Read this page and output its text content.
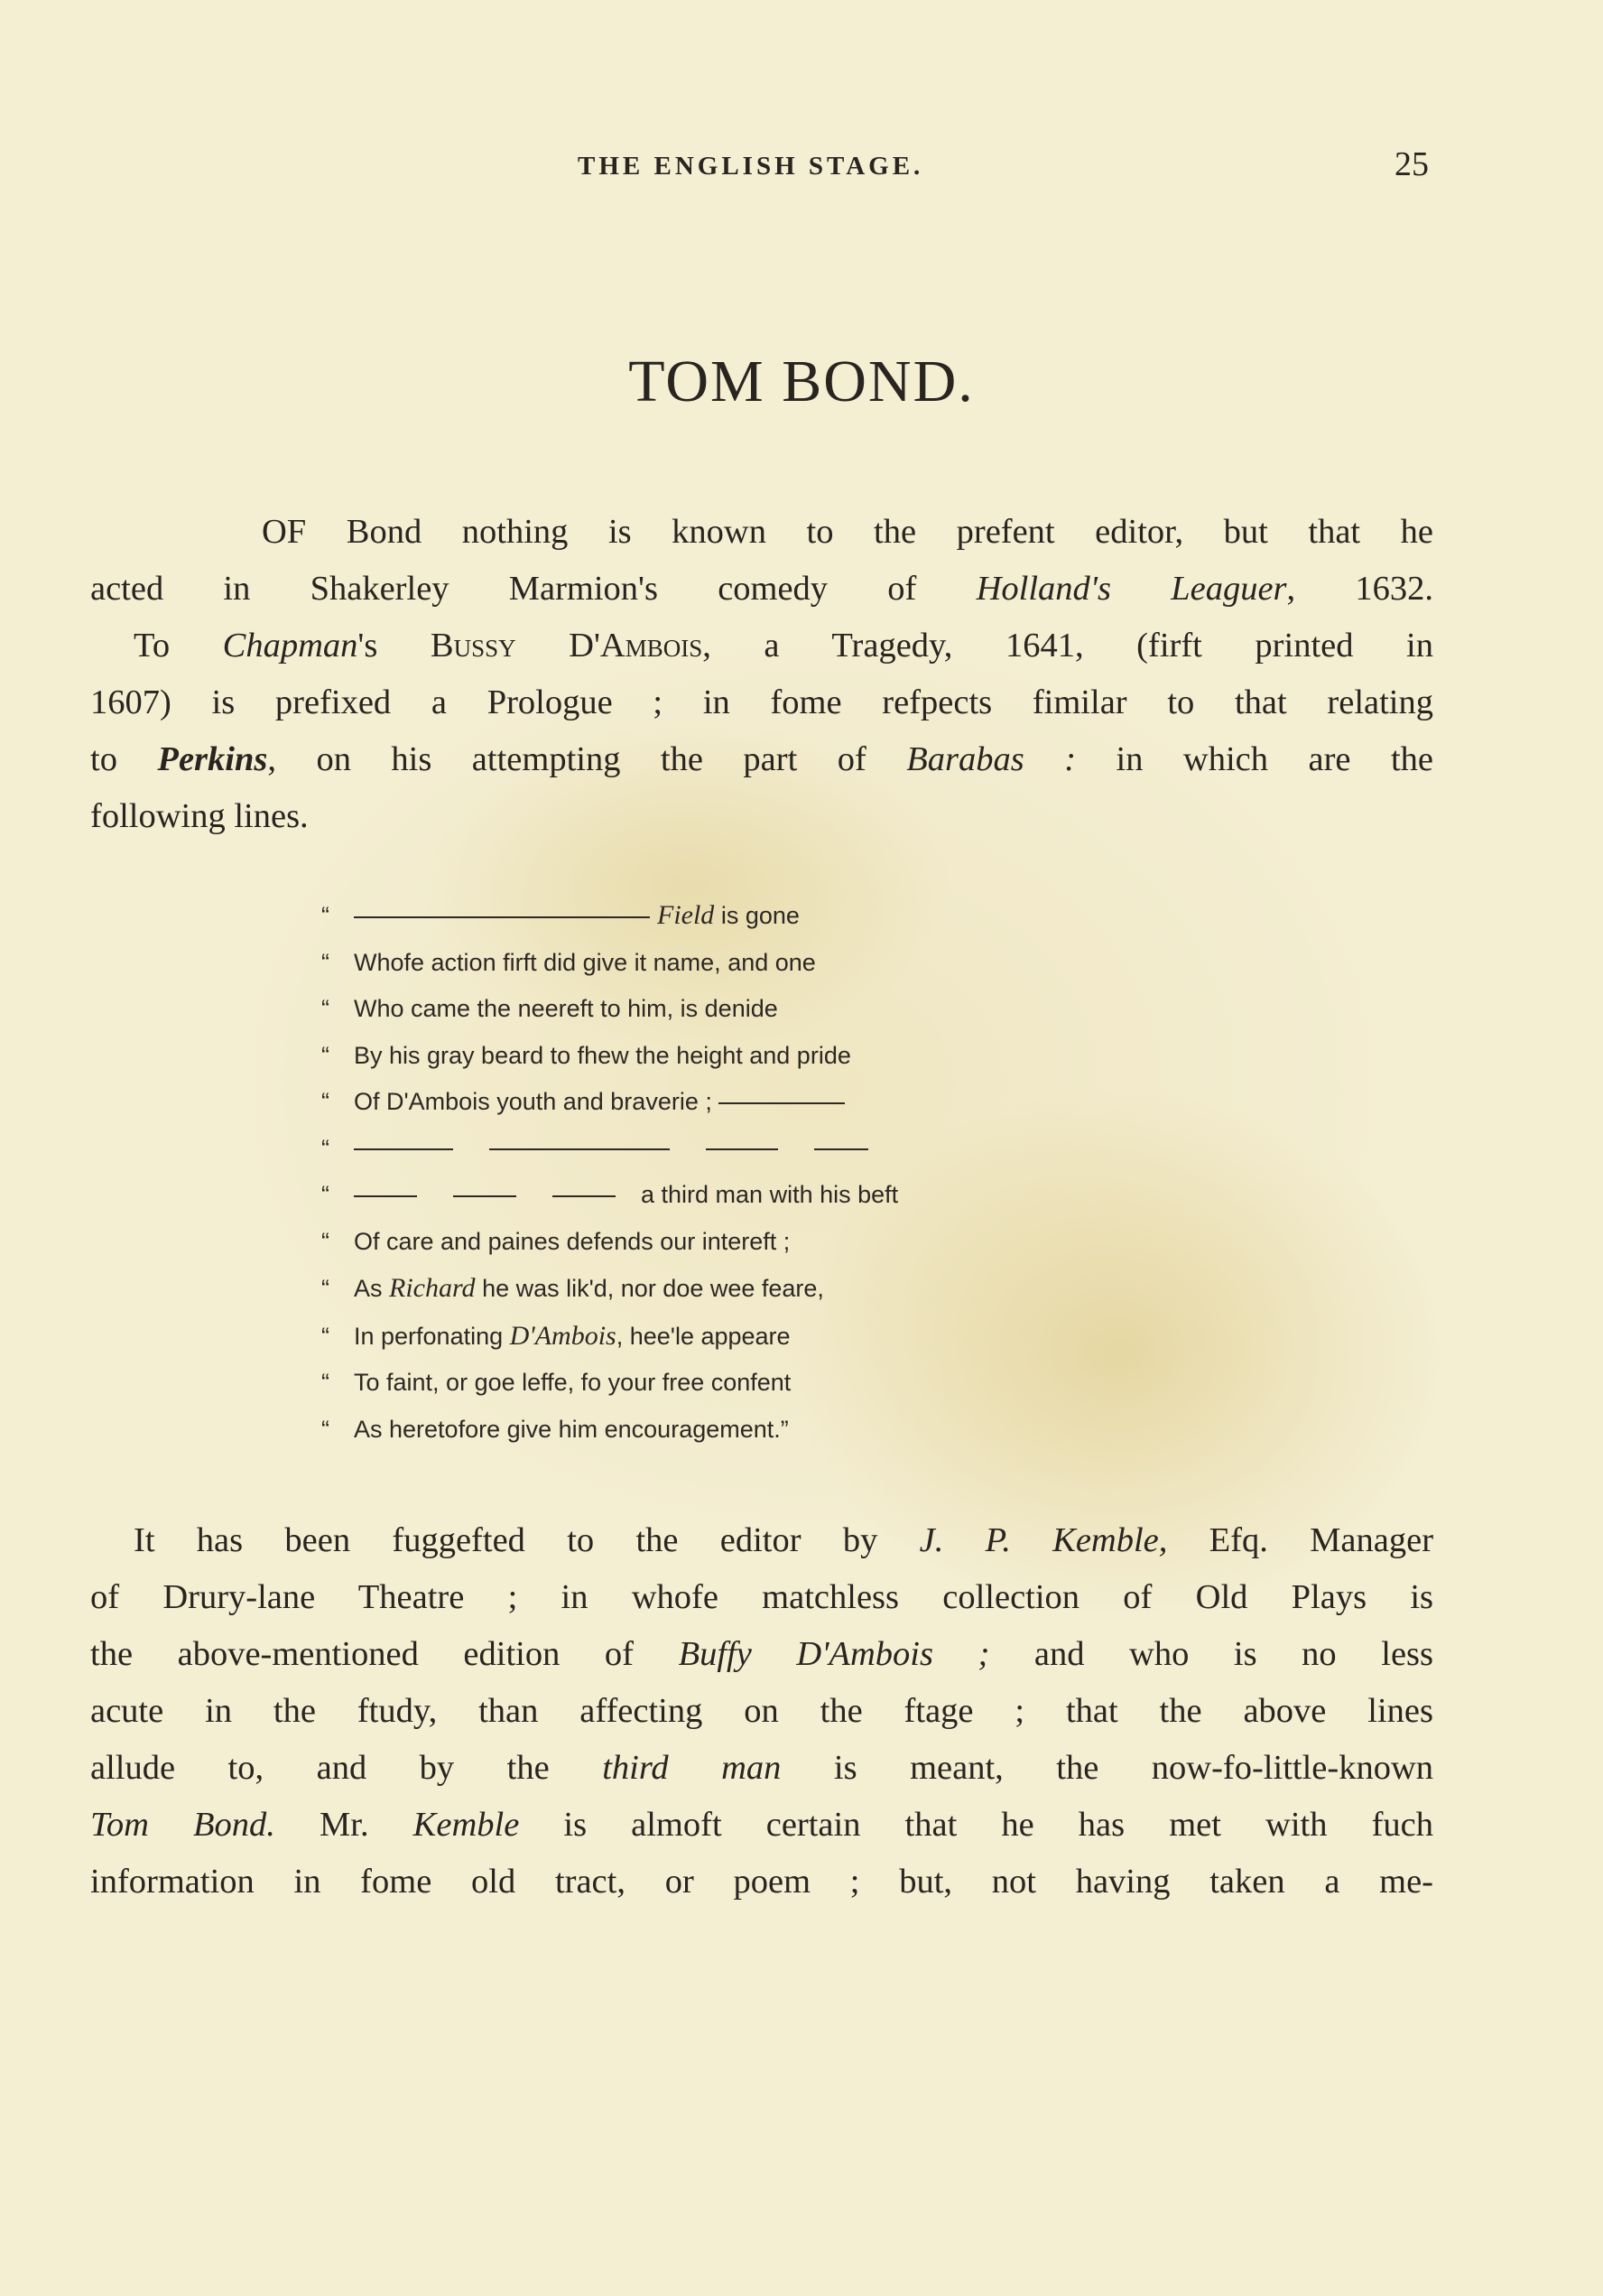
THE ENGLISH STAGE.	25
TOM BOND.
OF Bond nothing is known to the prefent editor, but that he
acted in Shakerley Marmion's comedy of Holland's Leaguer, 1632.
To Chapman's Bussy D'Ambois, a Tragedy, 1641, (firft printed in
1607) is prefixed a Prologue ; in fome refpects fimilar to that relating
to Perkins, on his attempting the part of Barabas : in which are the
following lines.
“	Field is gone
“ Whofe action firft did give it name, and one
“ Who came the neereft to him, is denide
“ By his gray beard to fhew the height and pride
“ Of D'Ambois youth and braverie ;
“
“	a third man with his beft
“ Of care and paines defends our intereft ;
“ As Richard he was lik'd, nor doe wee feare,
“ In perfonating D'Ambois, hee'le appeare
“ To faint, or goe leffe, fo your free confent
“ As heretofore give him encouragement.”
It has been fuggefted to the editor by J. P. Kemble, Efq. Manager
of Drury-lane Theatre ; in whofe matchless collection of Old Plays is
the above-mentioned edition of Buffy D'Ambois ; and who is no less
acute in the ftudy, than affecting on the ftage ; that the above lines
allude to, and by the third man is meant, the now-fo-little-known
Tom Bond. Mr. Kemble is almoft certain that he has met with fuch
information in fome old tract, or poem ; but, not having taken a me-
